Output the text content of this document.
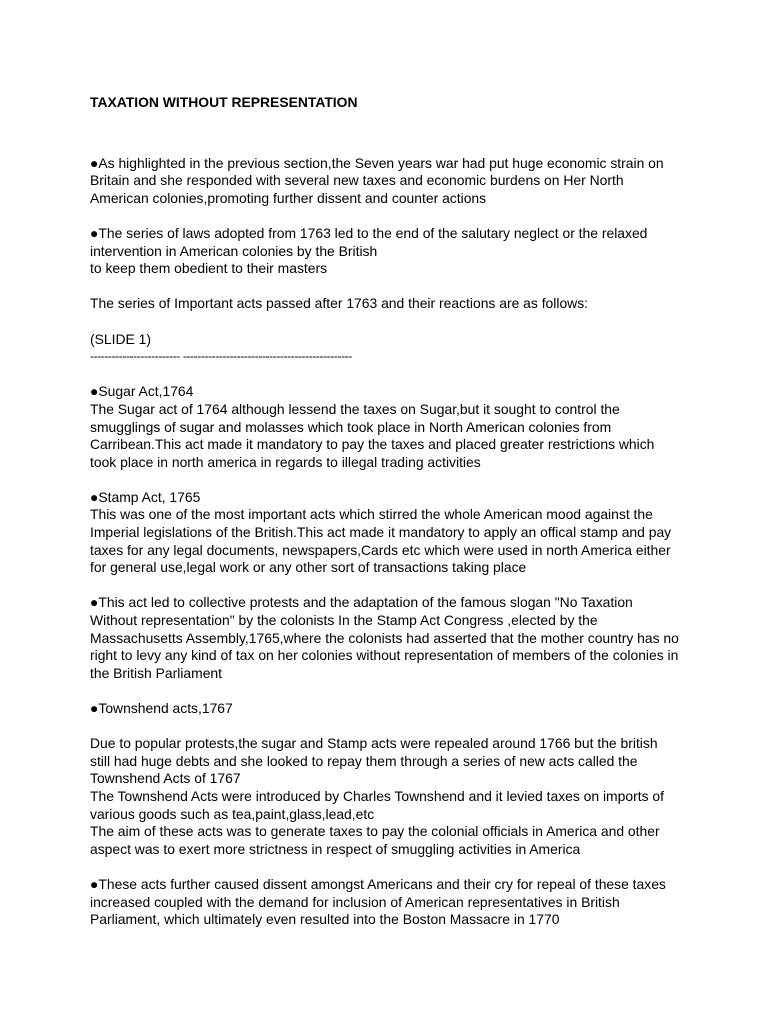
TAXATION WITHOUT REPRESENTATION

●As highlighted in the previous section,the Seven years war had put huge economic strain on
Britain and she responded with several new taxes and economic burdens on Her North
American colonies,promoting further dissent and counter actions
●The series of laws adopted from 1763 led to the end of the salutary neglect or the relaxed
intervention in American colonies by the British
to keep them obedient to their masters
The series of Important acts passed after 1763 and their reactions are as follows:
(SLIDE 1)
------------------------- -----------------------------------------------
●Sugar Act,1764
The Sugar act of 1764 although lessend the taxes on Sugar,but it sought to control the
smugglings of sugar and molasses which took place in North American colonies from
Carribean.This act made it mandatory to pay the taxes and placed greater restrictions which
took place in north america in regards to illegal trading activities
●Stamp Act, 1765
This was one of the most important acts which stirred the whole American mood against the
Imperial legislations of the British.This act made it mandatory to apply an offical stamp and pay
taxes for any legal documents, newspapers,Cards etc which were used in north America either
for general use,legal work or any other sort of transactions taking place
●This act led to collective protests and the adaptation of the famous slogan "No Taxation
Without representation" by the colonists In the Stamp Act Congress ,elected by the
Massachusetts Assembly,1765,where the colonists had asserted that the mother country has no
right to levy any kind of tax on her colonies without representation of members of the colonies in
the British Parliament
●Townshend acts,1767
Due to popular protests,the sugar and Stamp acts were repealed around 1766 but the british
still had huge debts and she looked to repay them through a series of new acts called the
Townshend Acts of 1767
The Townshend Acts were introduced by Charles Townshend and it levied taxes on imports of
various goods such as tea,paint,glass,lead,etc
The aim of these acts was to generate taxes to pay the colonial officials in America and other
aspect was to exert more strictness in respect of smuggling activities in America
●These acts further caused dissent amongst Americans and their cry for repeal of these taxes
increased coupled with the demand for inclusion of American representatives in British
Parliament, which ultimately even resulted into the Boston Massacre in 1770
